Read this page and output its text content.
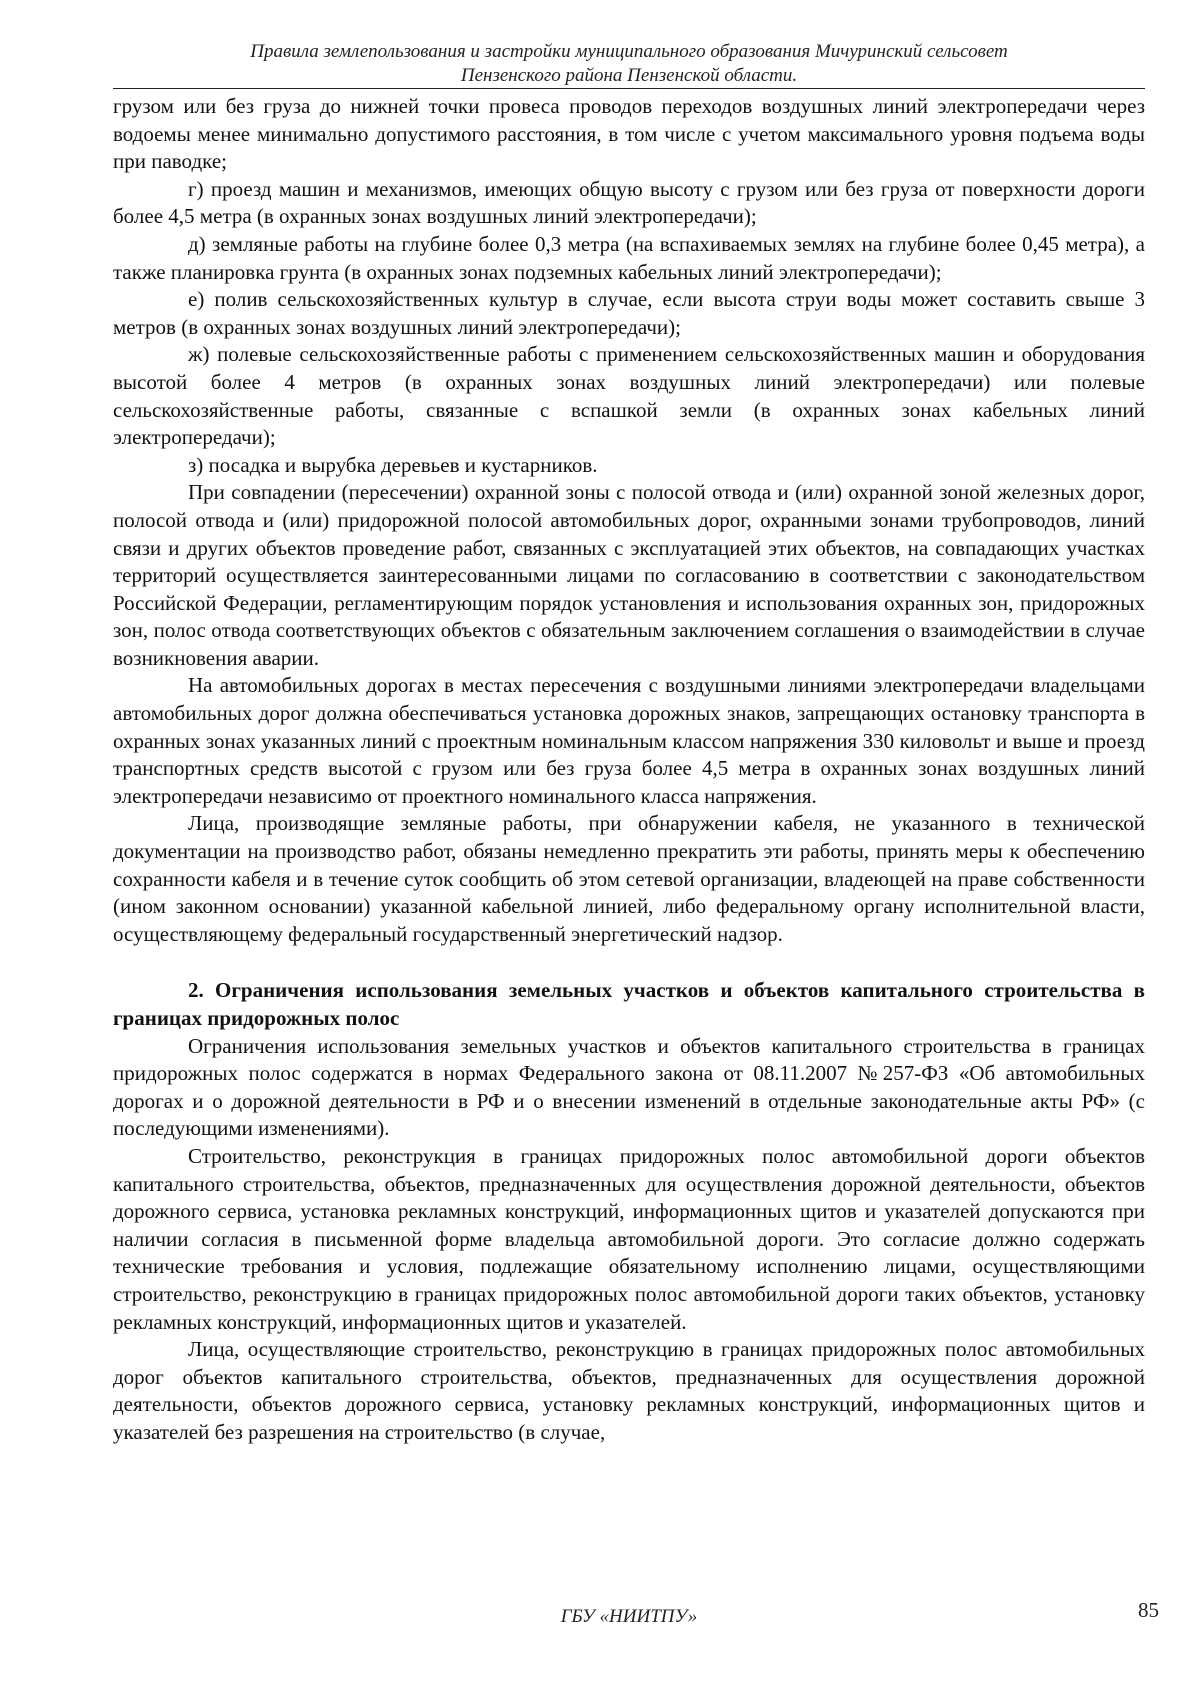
Правила землепользования и застройки муниципального образования Мичуринский сельсовет
Пензенского района Пензенской области.

грузом или без груза до нижней точки провеса проводов переходов воздушных линий электропередачи через водоемы менее минимально допустимого расстояния, в том числе с учетом максимального уровня подъема воды при паводке;

г) проезд машин и механизмов, имеющих общую высоту с грузом или без груза от поверхности дороги более 4,5 метра (в охранных зонах воздушных линий электропередачи);

д) земляные работы на глубине более 0,3 метра (на вспахиваемых землях на глубине более 0,45 метра), а также планировка грунта (в охранных зонах подземных кабельных линий электропередачи);

е) полив сельскохозяйственных культур в случае, если высота струи воды может составить свыше 3 метров (в охранных зонах воздушных линий электропередачи);

ж) полевые сельскохозяйственные работы с применением сельскохозяйственных машин и оборудования высотой более 4 метров (в охранных зонах воздушных линий электропередачи) или полевые сельскохозяйственные работы, связанные с вспашкой земли (в охранных зонах кабельных линий электропередачи);

з) посадка и вырубка деревьев и кустарников.

При совпадении (пересечении) охранной зоны с полосой отвода и (или) охранной зоной железных дорог, полосой отвода и (или) придорожной полосой автомобильных дорог, охранными зонами трубопроводов, линий связи и других объектов проведение работ, связанных с эксплуатацией этих объектов, на совпадающих участках территорий осуществляется заинтересованными лицами по согласованию в соответствии с законодательством Российской Федерации, регламентирующим порядок установления и использования охранных зон, придорожных зон, полос отвода соответствующих объектов с обязательным заключением соглашения о взаимодействии в случае возникновения аварии.

На автомобильных дорогах в местах пересечения с воздушными линиями электропередачи владельцами автомобильных дорог должна обеспечиваться установка дорожных знаков, запрещающих остановку транспорта в охранных зонах указанных линий с проектным номинальным классом напряжения 330 киловольт и выше и проезд транспортных средств высотой с грузом или без груза более 4,5 метра в охранных зонах воздушных линий электропередачи независимо от проектного номинального класса напряжения.

Лица, производящие земляные работы, при обнаружении кабеля, не указанного в технической документации на производство работ, обязаны немедленно прекратить эти работы, принять меры к обеспечению сохранности кабеля и в течение суток сообщить об этом сетевой организации, владеющей на праве собственности (ином законном основании) указанной кабельной линией, либо федеральному органу исполнительной власти, осуществляющему федеральный государственный энергетический надзор.

2. Ограничения использования земельных участков и объектов капитального строительства в границах придорожных полос

Ограничения использования земельных участков и объектов капитального строительства в границах придорожных полос содержатся в нормах Федерального закона от 08.11.2007 №257-ФЗ «Об автомобильных дорогах и о дорожной деятельности в РФ и о внесении изменений в отдельные законодательные акты РФ» (с последующими изменениями).

Строительство, реконструкция в границах придорожных полос автомобильной дороги объектов капитального строительства, объектов, предназначенных для осуществления дорожной деятельности, объектов дорожного сервиса, установка рекламных конструкций, информационных щитов и указателей допускаются при наличии согласия в письменной форме владельца автомобильной дороги. Это согласие должно содержать технические требования и условия, подлежащие обязательному исполнению лицами, осуществляющими строительство, реконструкцию в границах придорожных полос автомобильной дороги таких объектов, установку рекламных конструкций, информационных щитов и указателей.

Лица, осуществляющие строительство, реконструкцию в границах придорожных полос автомобильных дорог объектов капитального строительства, объектов, предназначенных для осуществления дорожной деятельности, объектов дорожного сервиса, установку рекламных конструкций, информационных щитов и указателей без разрешения на строительство (в случае,

ГБУ «НИИТПУ»	85
